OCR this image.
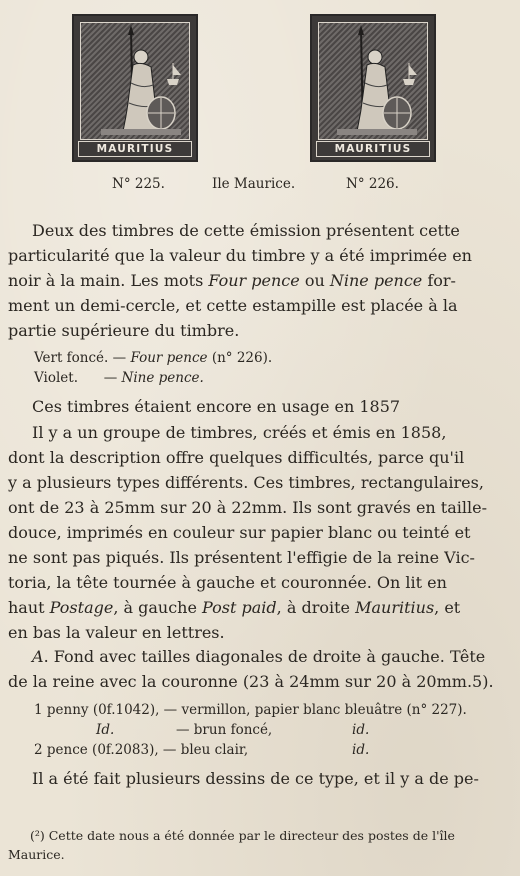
MAURITIUS	MAURITIUS
N° 225.	Ile Maurice.	N° 226.
Deux des timbres de cette émission présentent cette
particularité que la valeur du timbre y a été imprimée en
noir à la main. Les mots Four pence ou Nine pence for-
ment un demi-cercle, et cette estampille est placée à la
partie supérieure du timbre.
Vert foncé. — Four pence (n° 226).
Violet.      — Nine pence.
Ces timbres étaient encore en usage en 1857
Il y a un groupe de timbres, créés et émis en 1858,
dont la description offre quelques difficultés, parce qu'il
y a plusieurs types différents. Ces timbres, rectangulaires,
ont de 23 à 25mm sur 20 à 22mm. Ils sont gravés en taille-
douce, imprimés en couleur sur papier blanc ou teinté et
ne sont pas piqués. Ils présentent l'effigie de la reine Vic-
toria, la tête tournée à gauche et couronnée. On lit en
haut Postage, à gauche Post paid, à droite Mauritius, et
en bas la valeur en lettres.
A. Fond avec tailles diagonales de droite à gauche. Tête
de la reine avec la couronne (23 à 24mm sur 20 à 20mm.5).
1 penny (0f.1042), — vermillon, papier blanc bleuâtre (n° 227).
Id.	— brun foncé,	id.
2 pence (0f.2083), — bleu clair,	id.
Il a été fait plusieurs dessins de ce type, et il y a de pe-
(²) Cette date nous a été donnée par le directeur des postes de l'île
Maurice.
